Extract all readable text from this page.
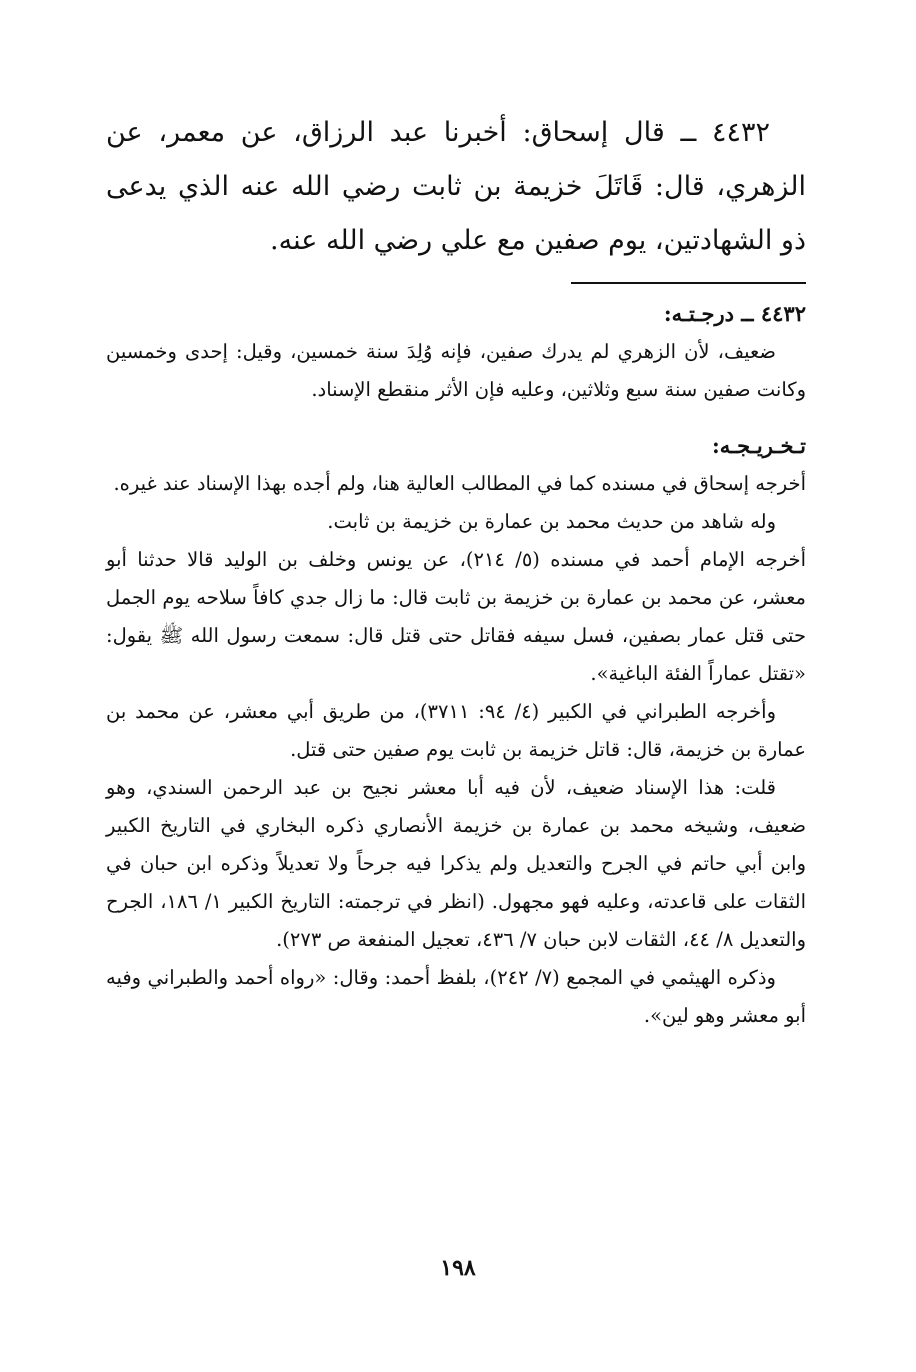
٤٤٣٢ ــ قال إسحاق: أخبرنا عبد الرزاق، عن معمر، عن الزهري، قال: قَاتَلَ خزيمة بن ثابت رضي الله عنه الذي يدعى ذو الشهادتين، يوم صفين مع علي رضي الله عنه.

٤٤٣٢ ــ درجـتـه:

ضعيف، لأن الزهري لم يدرك صفين، فإنه وُلِدَ سنة خمسين، وقيل: إحدى وخمسين وكانت صفين سنة سبع وثلاثين، وعليه فإن الأثر منقطع الإسناد.

تـخـريـجـه:

أخرجه إسحاق في مسنده كما في المطالب العالية هنا، ولم أجده بهذا الإسناد عند غيره.

وله شاهد من حديث محمد بن عمارة بن خزيمة بن ثابت.

أخرجه الإمام أحمد في مسنده (٥/ ٢١٤)، عن يونس وخلف بن الوليد قالا حدثنا أبو معشر، عن محمد بن عمارة بن خزيمة بن ثابت قال: ما زال جدي كافاً سلاحه يوم الجمل حتى قتل عمار بصفين، فسل سيفه فقاتل حتى قتل قال: سمعت رسول الله ﷺ يقول: «تقتل عماراً الفئة الباغية».

وأخرجه الطبراني في الكبير (٤/ ٩٤: ٣٧١١)، من طريق أبي معشر، عن محمد بن عمارة بن خزيمة، قال: قاتل خزيمة بن ثابت يوم صفين حتى قتل.

قلت: هذا الإسناد ضعيف، لأن فيه أبا معشر نجيح بن عبد الرحمن السندي، وهو ضعيف، وشيخه محمد بن عمارة بن خزيمة الأنصاري ذكره البخاري في التاريخ الكبير وابن أبي حاتم في الجرح والتعديل ولم يذكرا فيه جرحاً ولا تعديلاً وذكره ابن حبان في الثقات على قاعدته، وعليه فهو مجهول. (انظر في ترجمته: التاريخ الكبير ١/ ١٨٦، الجرح والتعديل ٨/ ٤٤، الثقات لابن حبان ٧/ ٤٣٦، تعجيل المنفعة ص ٢٧٣).

وذكره الهيثمي في المجمع (٧/ ٢٤٢)، بلفظ أحمد: وقال: «رواه أحمد والطبراني وفيه أبو معشر وهو لين».

١٩٨
